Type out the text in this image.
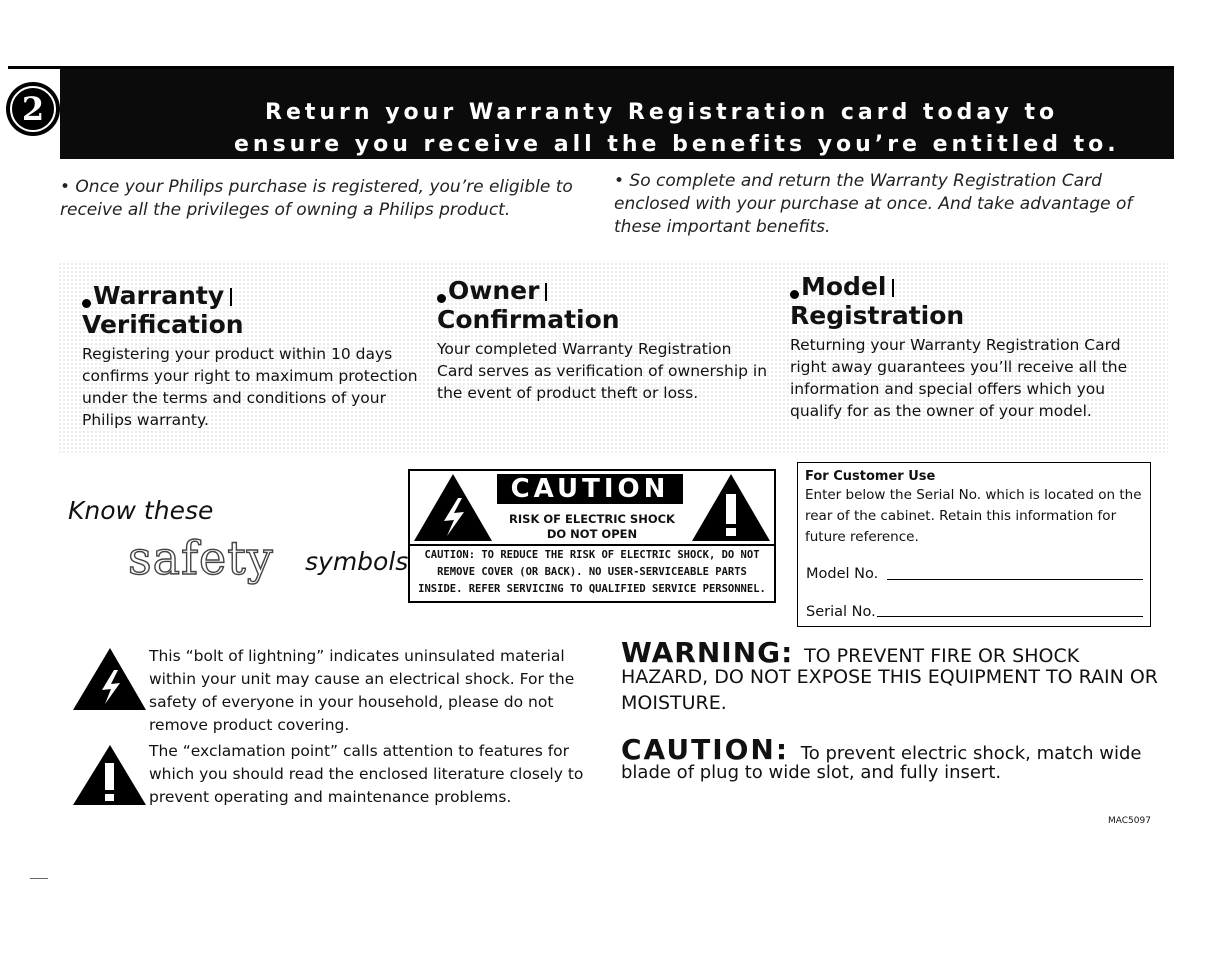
2	Return your Warranty Registration card today to
ensure you receive all the benefits you’re entitled to.
• Once your Philips purchase is registered, you’re eligible to receive all the privileges of owning a Philips product.
• So complete and return the Warranty Registration Card enclosed with your purchase at once. And take advantage of these important benefits.
Warranty
Verification
Registering your product within 10 days confirms your right to maximum protection under the terms and conditions of your Philips warranty.
Owner
Confirmation
Your completed Warranty Registration Card serves as verification of ownership in the event of product theft or loss.
Model
Registration
Returning your Warranty Registration Card right away guarantees you’ll receive all the information and special offers which you qualify for as the owner of your model.
Know these
safety symbols
CAUTION
RISK OF ELECTRIC SHOCK
DO NOT OPEN
CAUTION: TO REDUCE THE RISK OF ELECTRIC SHOCK, DO NOT
REMOVE COVER (OR BACK). NO USER-SERVICEABLE PARTS
INSIDE. REFER SERVICING TO QUALIFIED SERVICE PERSONNEL.
For Customer Use
Enter below the Serial No. which is located on the rear of the cabinet. Retain this information for future reference.
Model No.
Serial No.
This “bolt of lightning” indicates uninsulated material within your unit may cause an electrical shock. For the safety of everyone in your household, please do not remove product covering.
The “exclamation point” calls attention to features for which you should read the enclosed literature closely to prevent operating and maintenance problems.
WARNING: TO PREVENT FIRE OR SHOCK
HAZARD, DO NOT EXPOSE THIS EQUIPMENT TO RAIN OR MOISTURE.
CAUTION: To prevent electric shock, match wide
blade of plug to wide slot, and fully insert.
MAC5097
